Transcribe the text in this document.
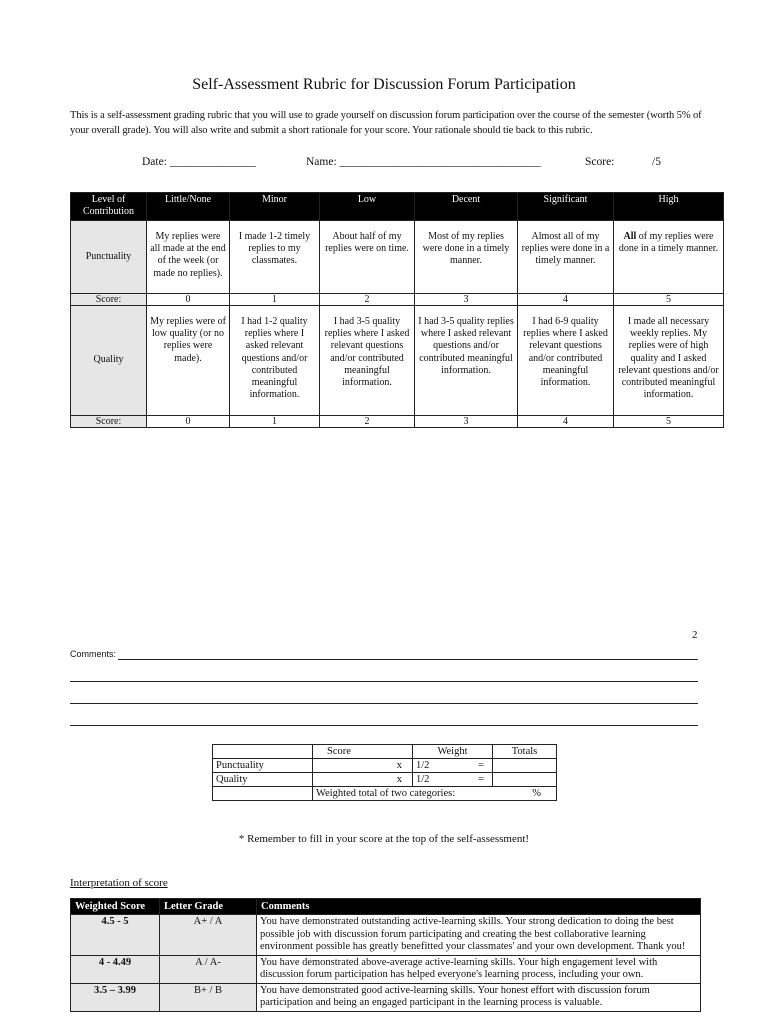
Self-Assessment Rubric for Discussion Forum Participation
This is a self-assessment grading rubric that you will use to grade yourself on discussion forum participation over the course of the semester (worth 5% of your overall grade). You will also write and submit a short rationale for your score. Your rationale should tie back to this rubric.
Date: _______________	Name: ___________________________________	Score:	/5
Level of Contribution	Little/None	Minor	Low	Decent	Significant	High
Punctuality	My replies were all made at the end of the week (or made no replies).	I made 1-2 timely replies to my classmates.	About half of my replies were on time.	Most of my replies were done in a timely manner.	Almost all of my replies were done in a timely manner.	All of my replies were done in a timely manner.
Score:	0	1	2	3	4	5
Quality	My replies were of low quality (or no replies were made).	I had 1-2 quality replies where I asked relevant questions and/or contributed meaningful information.	I had 3-5 quality replies where I asked relevant questions and/or contributed meaningful information.	I had 3-5 quality replies where I asked relevant questions and/or contributed meaningful information.	I had 6-9 quality replies where I asked relevant questions and/or contributed meaningful information.	I made all necessary weekly replies. My replies were of high quality and I asked relevant questions and/or contributed meaningful information.
Score:	0	1	2	3	4	5
2
Comments:
	Score	Weight	Totals
Punctuality	x	1/2 =	
Quality	x	1/2 =	
	Weighted total of two categories: %		
* Remember to fill in your score at the top of the self-assessment!
Interpretation of score
Weighted Score	Letter Grade	Comments
4.5 - 5	A+ / A	You have demonstrated outstanding active-learning skills. Your strong dedication to doing the best possible job with discussion forum participating and creating the best collaborative learning environment possible has greatly benefitted your classmates' and your own development. Thank you!
4 - 4.49	A / A-	You have demonstrated above-average active-learning skills. Your high engagement level with discussion forum participation has helped everyone's learning process, including your own.
3.5 – 3.99	B+ / B	You have demonstrated good active-learning skills. Your honest effort with discussion forum participation and being an engaged participant in the learning process is valuable.
